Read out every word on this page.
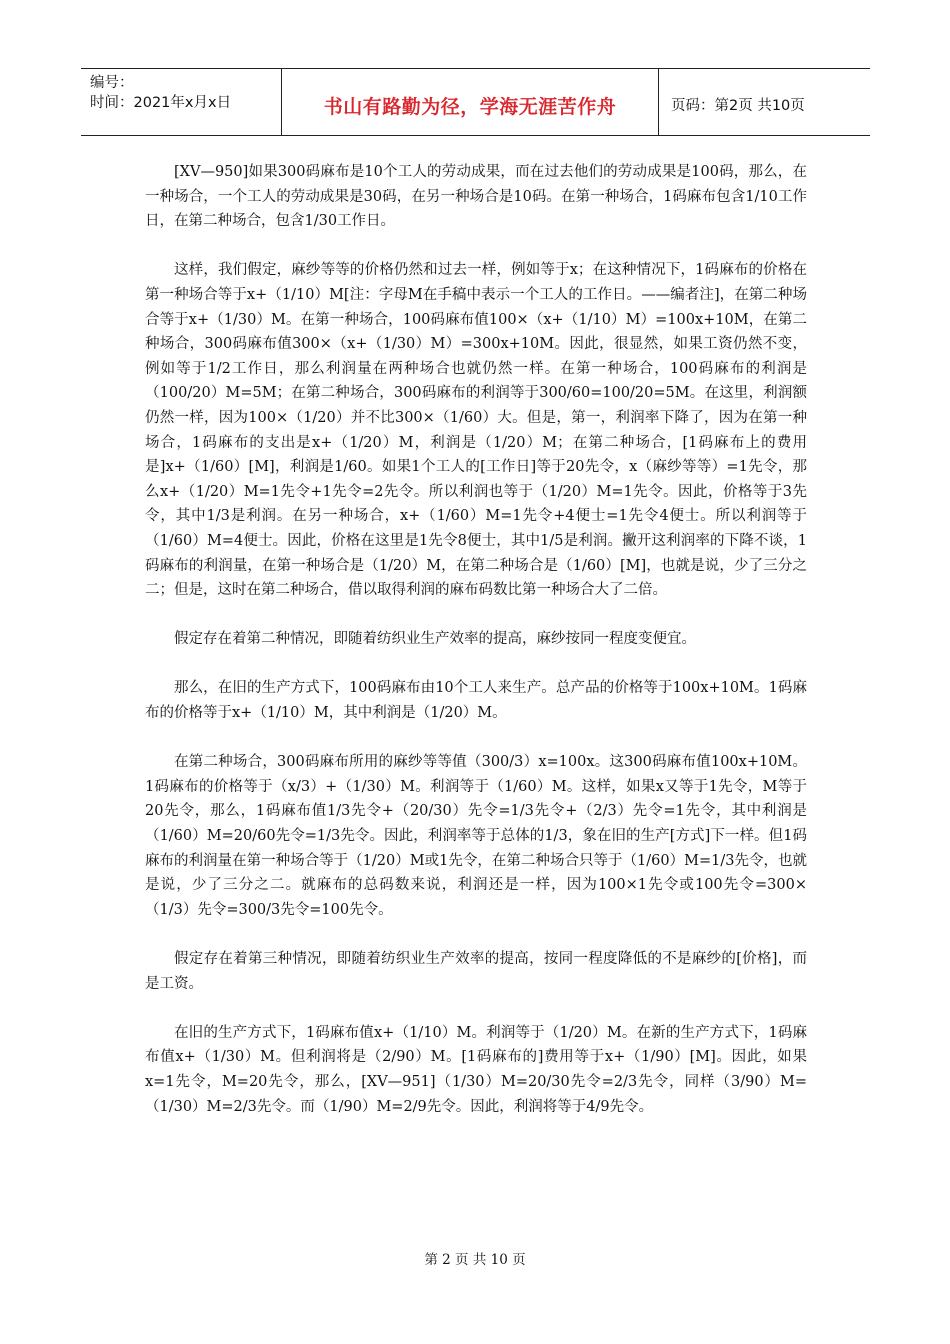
编号：
时间：2021年x月x日	书山有路勤为径，学海无涯苦作舟	页码：第2页 共10页

[XV—950]如果300码麻布是10个工人的劳动成果，而在过去他们的劳动成果是100码，那么，在一种场合，一个工人的劳动成果是30码，在另一种场合是10码。在第一种场合，1码麻布包含1/10工作日，在第二种场合，包含1/30工作日。

这样，我们假定，麻纱等等的价格仍然和过去一样，例如等于x；在这种情况下，1码麻布的价格在第一种场合等于x+（1/10）M[注：字母M在手稿中表示一个工人的工作日。——编者注]，在第二种场合等于x+（1/30）M。在第一种场合，100码麻布值100×（x+（1/10）M）=100x+10M，在第二种场合，300码麻布值300×（x+（1/30）M）=300x+10M。因此，很显然，如果工资仍然不变，例如等于1/2工作日，那么利润量在两种场合也就仍然一样。在第一种场合，100码麻布的利润是（100/20）M=5M；在第二种场合，300码麻布的利润等于300/60=100/20=5M。在这里，利润额仍然一样，因为100×（1/20）并不比300×（1/60）大。但是，第一，利润率下降了，因为在第一种场合，1码麻布的支出是x+（1/20）M，利润是（1/20）M；在第二种场合，[1码麻布上的费用是]x+（1/60）[M]，利润是1/60。如果1个工人的[工作日]等于20先令，x（麻纱等等）=1先令，那么x+（1/20）M=1先令+1先令=2先令。所以利润也等于（1/20）M=1先令。因此，价格等于3先令，其中1/3是利润。在另一种场合，x+（1/60）M=1先令+4便士=1先令4便士。所以利润等于（1/60）M=4便士。因此，价格在这里是1先令8便士，其中1/5是利润。撇开这利润率的下降不谈，1码麻布的利润量，在第一种场合是（1/20）M，在第二种场合是（1/60）[M]，也就是说，少了三分之二；但是，这时在第二种场合，借以取得利润的麻布码数比第一种场合大了二倍。

假定存在着第二种情况，即随着纺织业生产效率的提高，麻纱按同一程度变便宜。

那么，在旧的生产方式下，100码麻布由10个工人来生产。总产品的价格等于100x+10M。1码麻布的价格等于x+（1/10）M，其中利润是（1/20）M。

在第二种场合，300码麻布所用的麻纱等等值（300/3）x=100x。这300码麻布值100x+10M。1码麻布的价格等于（x/3）+（1/30）M。利润等于（1/60）M。这样，如果x又等于1先令，M等于20先令，那么，1码麻布值1/3先令+（20/30）先令=1/3先令+（2/3）先令=1先令，其中利润是（1/60）M=20/60先令=1/3先令。因此，利润率等于总体的1/3，象在旧的生产[方式]下一样。但1码麻布的利润量在第一种场合等于（1/20）M或1先令，在第二种场合只等于（1/60）M=1/3先令，也就是说，少了三分之二。就麻布的总码数来说，利润还是一样，因为100×1先令或100先令=300×（1/3）先令=300/3先令=100先令。

假定存在着第三种情况，即随着纺织业生产效率的提高，按同一程度降低的不是麻纱的[价格]，而是工资。

在旧的生产方式下，1码麻布值x+（1/10）M。利润等于（1/20）M。在新的生产方式下，1码麻布值x+（1/30）M。但利润将是（2/90）M。[1码麻布的]费用等于x+（1/90）[M]。因此，如果x=1先令，M=20先令，那么，[XV—951]（1/30）M=20/30先令=2/3先令，同样（3/90）M=（1/30）M=2/3先令。而（1/90）M=2/9先令。因此，利润将等于4/9先令。

第 2 页 共 10 页
